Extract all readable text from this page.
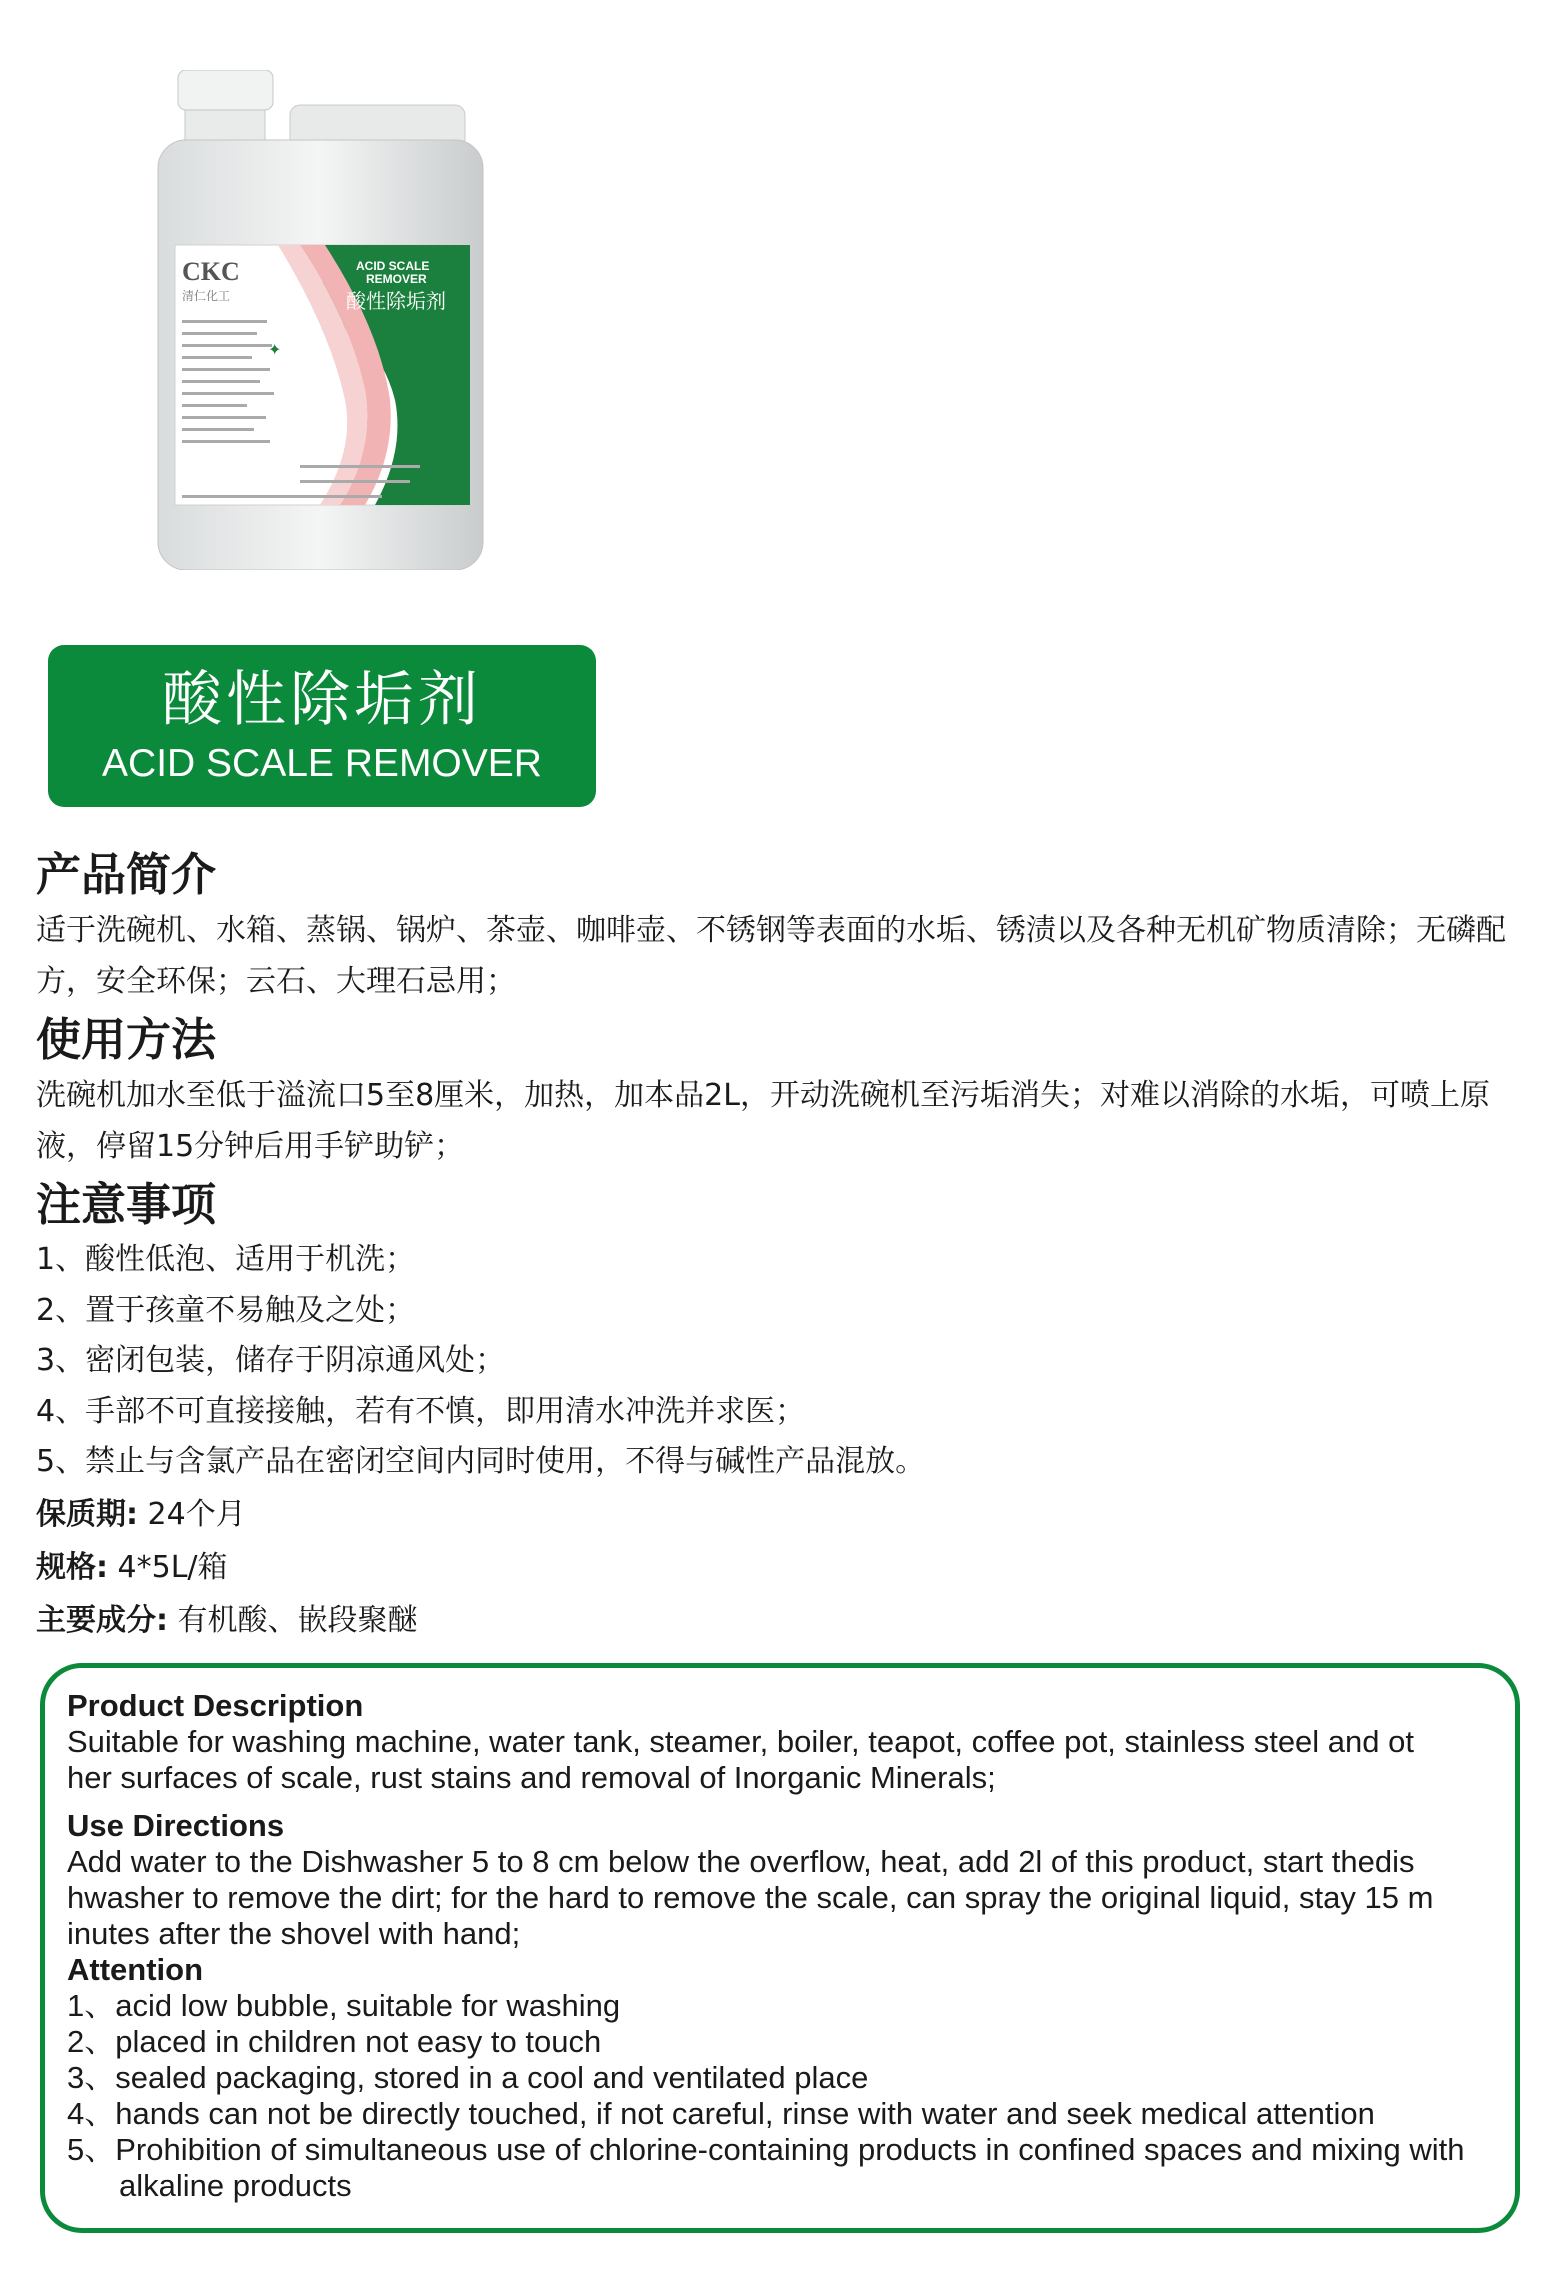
CKC
清仁化工
ACID SCALE
REMOVER
酸性除垢剂
✦
酸性除垢剂
ACID SCALE REMOVER
产品简介

适于洗碗机、水箱、蒸锅、锅炉、茶壶、咖啡壶、不锈钢等表面的水垢、锈渍以及各种无机矿物质清除；无磷配方，安全环保；云石、大理石忌用；

使用方法

洗碗机加水至低于溢流口5至8厘米，加热，加本品2L，开动洗碗机至污垢消失；对难以消除的水垢，可喷上原液，停留15分钟后用手铲助铲；

注意事项

1、酸性低泡、适用于机洗；

2、置于孩童不易触及之处；

3、密闭包装，储存于阴凉通风处；

4、手部不可直接接触，若有不慎，即用清水冲洗并求医；

5、禁止与含氯产品在密闭空间内同时使用，不得与碱性产品混放。

保质期: 24个月

规格: 4*5L/箱

主要成分: 有机酸、嵌段聚醚

Product Description

Suitable for washing machine, water tank, steamer, boiler, teapot, coffee pot, stainless steel and ot

her surfaces of scale, rust stains and removal of Inorganic Minerals;

Use Directions

Add water to the Dishwasher 5 to 8 cm below the overflow, heat, add 2l of this product, start thedis

hwasher to remove the dirt; for the hard to remove the scale, can spray the original liquid, stay 15 m

inutes after the shovel with hand;

Attention

1、acid low bubble, suitable for washing

2、placed in children not easy to touch

3、sealed packaging, stored in a cool and ventilated place

4、hands can not be directly touched, if not careful, rinse with water and seek medical attention

5、Prohibition of simultaneous use of chlorine-containing products in confined spaces and mixing with alkaline products
